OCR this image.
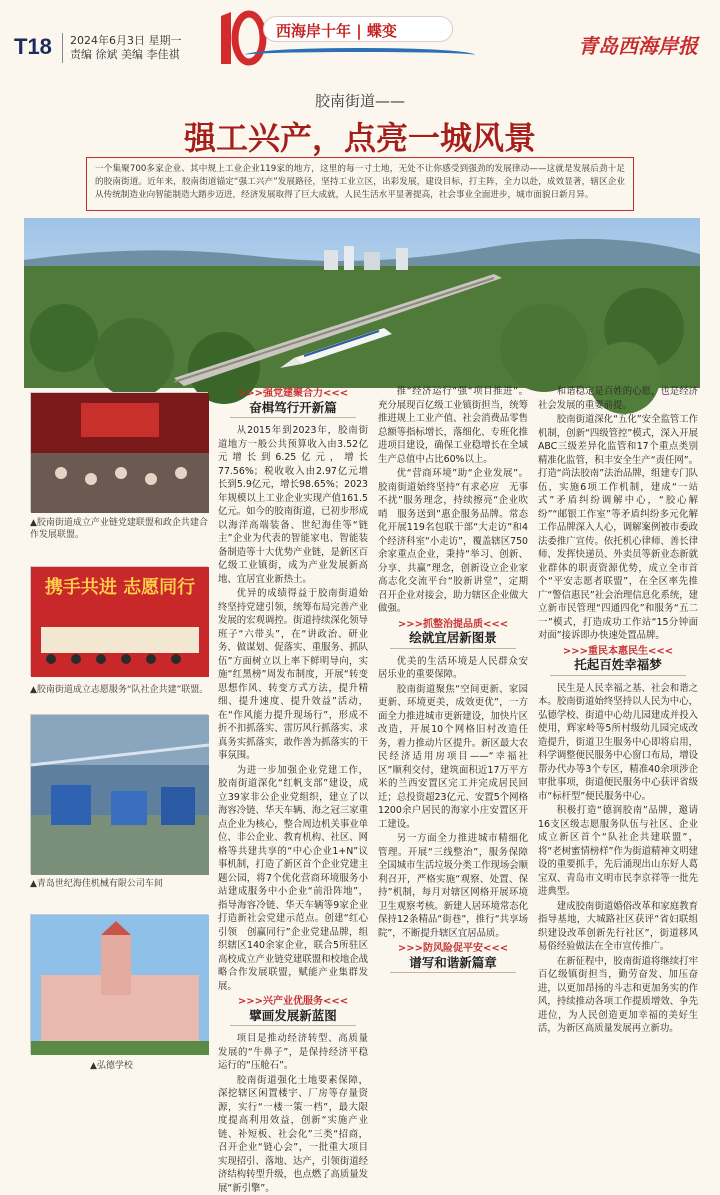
T18 2024年6月3日 星期一
责编 徐斌 美编 李佳祺
西海岸十年 | 蝶变
青岛西海岸报
胶南街道——
强工兴产，点亮一城风景

一个集聚700多家企业、其中规上工业企业119家的地方，这里的每一寸土地，无处不让你感受到强劲的发展律动——这就是发展后劲十足的胶南街道。近年来，胶南街道锚定“强工兴产”发展路径，坚持工业立区，出彩发展，建设目标，打主阵，全力以赴，成效显著，辖区企业从传统制造业向智能制造大踏步迈进，经济发展取得了巨大成就，人民生活水平显著提高，社会事业全面进步，城市面貌日新月异。

▲胶南街道成立产业链党建联盟和政企共建合作发展联盟。
携手共进 志愿同行
▲胶南街道成立志愿服务“队社企共建”联盟。
▲青岛世纪海佳机械有限公司车间
▲弘德学校
>>>强党建聚合力<<<
奋楫笃行开新篇

从2015年到2023年，胶南街道地方一般公共预算收入由3.52亿元增长到6.25亿元，增长77.56%；税收收入由2.97亿元增长到5.9亿元，增长98.65%；2023年规模以上工业企业实现产值161.5亿元。如今的胶南街道，已初步形成以海洋高端装备、世纪海佳等“链主”企业为代表的智能家电、智能装备制造等十大优势产业链，是新区百亿级工业镇街，成为产业发展新高地、宜居宜业新热土。

优异的成绩得益于胶南街道始终坚持党建引领，统筹布局完善产业发展的宏观调控。街道持续深化领导班子“六带头”，在“讲政治、研业务、做谋划、促落实、重服务、抓队伍”方面树立以上率下鲜明导向，实施“红黑榜”周发布制度，开展“转变思想作风、转变方式方法，提升精细、提升速度、提升效益”活动，在“作风能力提升现场行”，形成不折不扣抓落实、雷厉风行抓落实、求真务实抓落实，敢作善为抓落实的干事氛围。

为进一步加强企业党建工作，胶南街道深化“红帆支部”建设，成立39家非公企业党组织，建立了以海容冷链、华天车辆、海之冠三家重点企业为核心，整合周边机关事业单位、非公企业、教育机构、社区、网格等共建共享的“中心企业1+N”议事机制，打造了新区首个企业党建主题公园，将7个优化营商环境服务小站建成服务中小企业“前沿阵地”，指导海容冷链、华天车辆等9家企业打造新社会党建示范点。创建“红心引领　创赢同行”企业党建品牌，组织辖区140余家企业，联合5所驻区高校成立产业链党建联盟和校地企战略合作发展联盟，赋能产业集群发展。

>>>兴产业优服务<<<
擘画发展新蓝图

项目是推动经济转型、高质量发展的“牛鼻子”，是保持经济平稳运行的“压舱石”。

胶南街道强化土地要素保障，深挖辖区闲置楼宇、厂房等存量资源，实行“一楼一策一档”，最大限度提高利用效益，创新“实施产业链、补短板、社会化”三类“招商，召开企业“链心会”，一批重大项目实现招引、落地、达产，引领街道经济结构转型升级，也点燃了高质量发展“新引擎”。

推“经济运行”强“项目推进”。充分展现百亿级工业镇街担当，统筹推进规上工业产值、社会消费品零售总额等指标增长，落细化、专班化推进项目建设，确保工业稳增长在全域生产总值中占比60%以上。

优“营商环境”助“企业发展”。胶南街道始终坚持“有求必应　无事不扰”服务理念，持续擦亮“企业吹哨　服务送到”惠企服务品牌。常态化开展119名包联干部“大走访”和4个经济科室“小走访”，覆盖辖区750余家重点企业，秉持“举习、创新、分享、共赢”理念，创新设立企业家高志化交流平台“胶新讲堂”，定期召开企业对接会，助力辖区企业做大做强。

>>>抓整治提品质<<<
绘就宜居新图景

优美的生活环境是人民群众安居乐业的重要保障。

胶南街道聚焦“空间更新、家园更新、环境更美，成效更优”，一方面全力推进城市更新建设，加快片区改造，开展10个网格旧村改造任务，着力推动片区提升。新区最大农民经济适用房项目——“幸福社区”顺利交付，建筑面积近17万平方米的兰西安置区完工并完成居民回迁；总投资超23亿元、安置5个网格1200余户居民的海家小庄安置区开工建设。

另一方面全力推进城市精细化管理。开展“三线整治”，服务保障全国城市生活垃圾分类工作现场会顺利召开，严格实施“观察、处置、保持”机制，每月对辖区网格开展环境卫生观察考核。新建人居环境常态化保持12条精品“街巷”，推行“共享场院”，不断提升辖区宜居品质。

>>>防风险促平安<<<
谱写和谐新篇章

和谐稳定是百姓的心愿，也是经济社会发展的重要前提。

胶南街道深化“五化”安全监管工作机制，创新“四级管控”模式，深入开展ABC三级差异化监管和17个重点类别精准化监管，积丰安全生产“责任网”。打造“尚法胶南”法治品牌，组建专门队伍，实施6项工作机制，建成“一站式”矛盾纠纷调解中心，“胶心解纷”“邮银工作室”等矛盾纠纷多元化解工作品牌深入人心，调解案例被市委政法委推广宣传。依托机心律师、善长律师、发挥快递员、外卖员等新业态新就业群体的职责资源优势，成立全市首个“平安志愿者联盟”，在全区率先推广“警信惠民”社会治理信息化系统，建立新市民管理“四通四化”和服务“五二一”模式，打造成功工作站“15分钟面对面”接诉即办快速处置品牌。

>>>重民本惠民生<<<
托起百姓幸福梦

民生是人民幸福之基、社会和谐之本。胶南街道始终坚持以人民为中心，弘德学校、街道中心幼儿园建成并投入使用，辉家岭等5所村级幼儿园完成改造提升，街道卫生服务中心即将启用，科学调整便民服务中心窗口布局，增设帮办代办等3个专区，精准40余项涉企审批事项，街道便民服务中心获评省级市“标杆型”便民服务中心。

积极打造“德润胶南”品牌，邀请16支区级志愿服务队伍与社区、企业成立新区首个“队社企共建联盟”，将“老树蜜情榜样”作为街道精神文明建设的重要抓手，先后涌现出山东好人葛宝双、青岛市文明市民李京祥等一批先进典型。

建成胶南街道婚俗改革和家庭教育指导基地，大城路社区获评“省妇联组织建设改革创新先行社区”，街道移风易俗经验做法在全市宣传推广。

在新征程中，胶南街道将继续打牢百亿级镇街担当，勤劳奋发、加压奋进，以更加昂扬的斗志和更加务实的作风，持续推动各项工作提质增效、争先进位，为人民创造更加幸福的美好生活，为新区高质量发展再立新功。
